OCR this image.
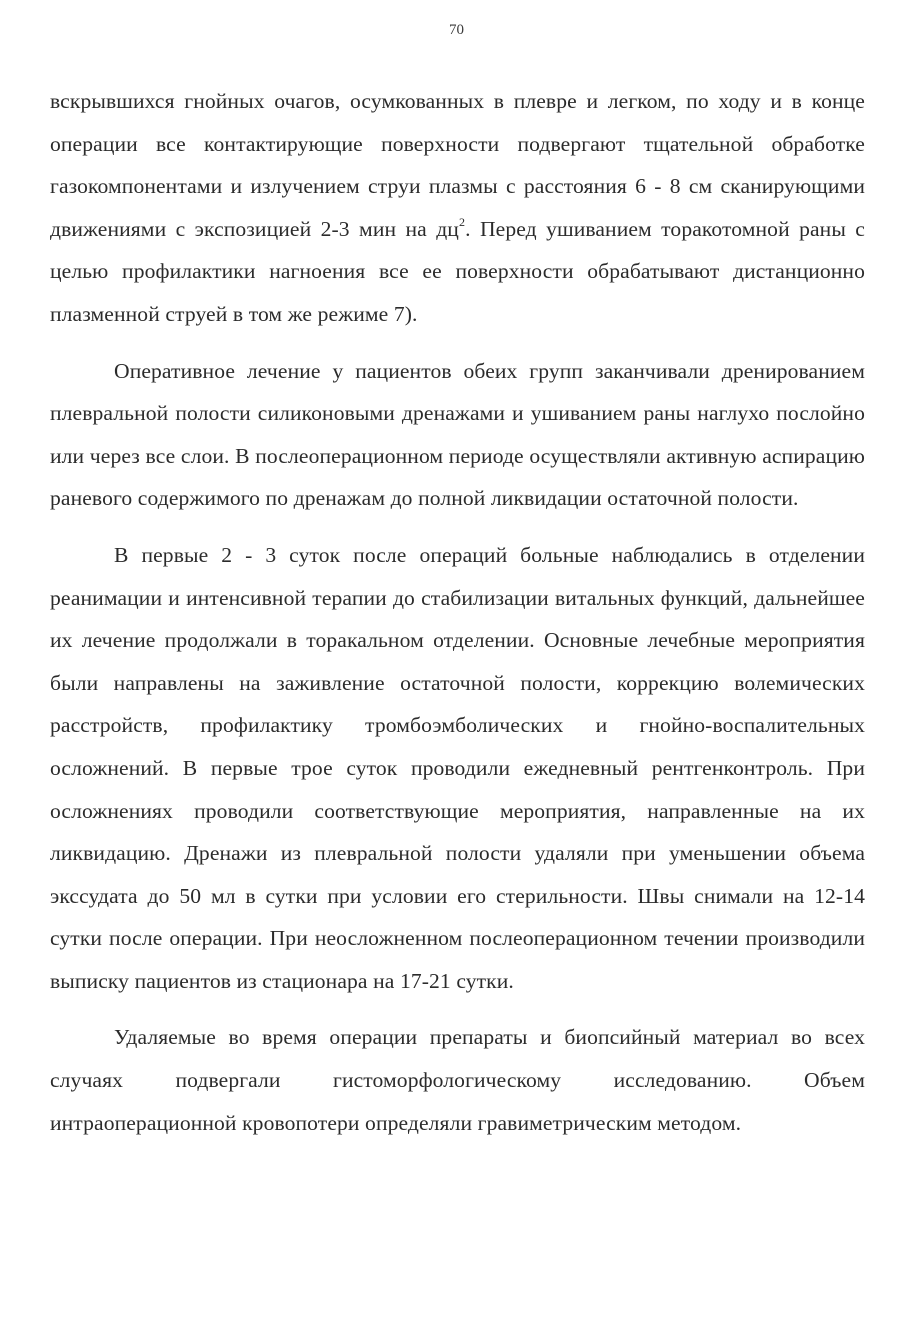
70

вскрывшихся гнойных очагов, осумкованных в плевре и легком, по ходу и в конце операции все контактирующие поверхности подвергают тщательной обработке газокомпонентами и излучением струи плазмы с расстояния 6 - 8 см сканирующими движениями с экспозицией 2-3 мин на $дц^2$. Перед ушиванием торакотомной раны с целью профилактики нагноения все ее поверхности обрабатывают дистанционно плазменной струей в том же режиме 7).

Оперативное лечение у пациентов обеих групп заканчивали дренированием плевральной полости силиконовыми дренажами и ушиванием раны наглухо послойно или через все слои. В послеоперационном периоде осуществляли активную аспирацию раневого содержимого по дренажам до полной ликвидации остаточной полости.

В первые 2 - 3 суток после операций больные наблюдались в отделении реанимации и интенсивной терапии до стабилизации витальных функций, дальнейшее их лечение продолжали в торакальном отделении. Основные лечебные мероприятия были направлены на заживление остаточной полости, коррекцию волемических расстройств, профилактику тромбоэмболических и гнойно-воспалительных осложнений. В первые трое суток проводили ежедневный рентгенконтроль. При осложнениях проводили соответствующие мероприятия, направленные на их ликвидацию. Дренажи из плевральной полости удаляли при уменьшении объема экссудата до 50 мл в сутки при условии его стерильности. Швы снимали на 12-14 сутки после операции. При неосложненном послеоперационном течении производили выписку пациентов из стационара на 17-21 сутки.

Удаляемые во время операции препараты и биопсийный материал во всех случаях подвергали гистоморфологическому исследованию. Объем интраоперационной кровопотери определяли гравиметрическим методом.
